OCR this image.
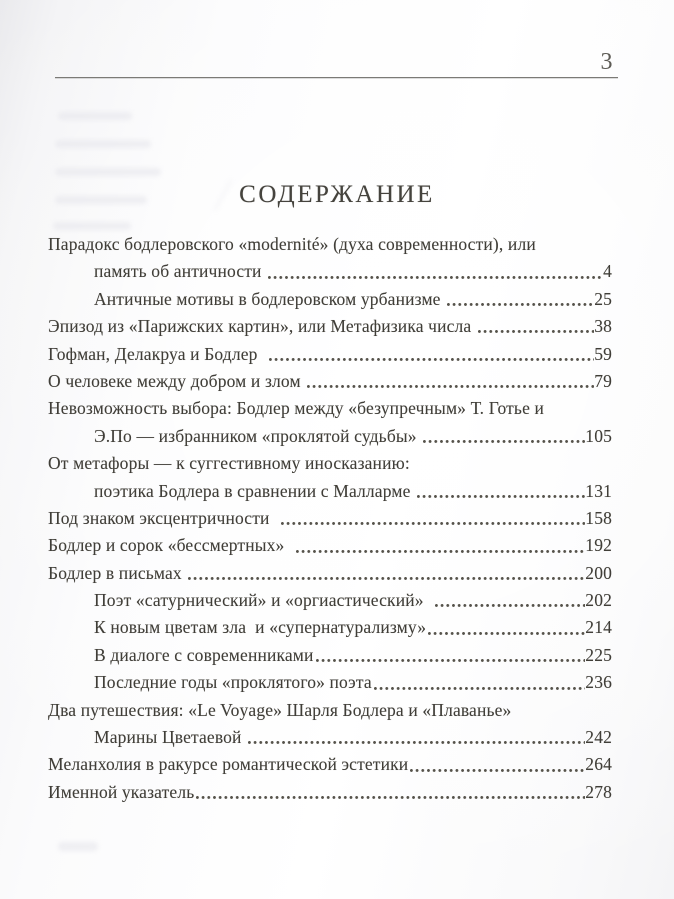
3
СОДЕРЖАНИЕ
Парадокс бодлеровского «modernité» (духа современности), или
память об античности	4
Античные мотивы в бодлеровском урбанизме	25
Эпизод из «Парижских картин», или Метафизика числа	38
Гофман, Делакруа и Бодлер	59
О человеке между добром и злом	79
Невозможность выбора: Бодлер между «безупречным» Т. Готье и
Э.По — избранником «проклятой судьбы»	105
От метафоры — к суггестивному иносказанию:
поэтика Бодлера в сравнении с Малларме	131
Под знаком эксцентричности	158
Бодлер и сорок «бессмертных»	192
Бодлер в письмах	200
Поэт «сатурнический» и «оргиастический»	202
К новым цветам зла  и «супернатурализму»	214
В диалоге с современниками	225
Последние годы «проклятого» поэта	236
Два путешествия: «Le Voyage» Шарля Бодлера и «Плаванье»
Марины Цветаевой	242
Меланхолия в ракурсе романтической эстетики	264
Именной указатель	278
